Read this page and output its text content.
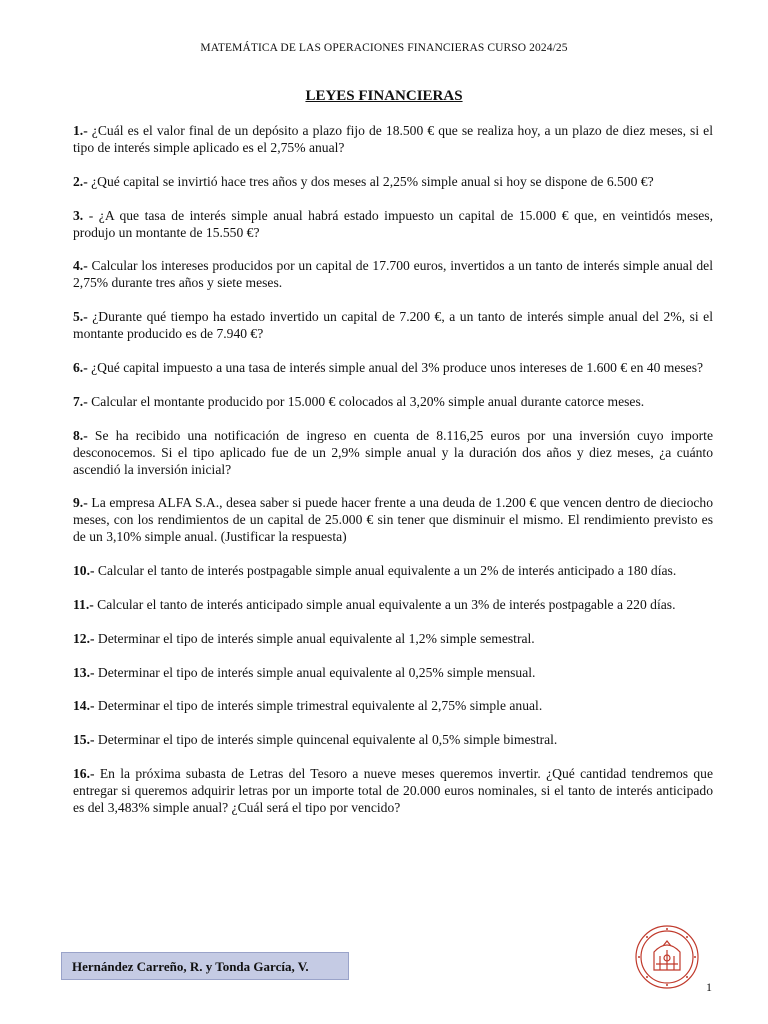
MATEMÁTICA DE LAS OPERACIONES FINANCIERAS CURSO 2024/25
LEYES FINANCIERAS

1.- ¿Cuál es el valor final de un depósito a plazo fijo de 18.500 € que se realiza hoy, a un plazo de diez meses, si el tipo de interés simple aplicado es el 2,75% anual?

2.- ¿Qué capital se invirtió hace tres años y dos meses al 2,25% simple anual si hoy se dispone de 6.500 €?

3. - ¿A que tasa de interés simple anual habrá estado impuesto un capital de 15.000 € que, en veintidós meses, produjo un montante de 15.550 €?

4.- Calcular los intereses producidos por un capital de 17.700 euros, invertidos a un tanto de interés simple anual del 2,75% durante tres años y siete meses.

5.- ¿Durante qué tiempo ha estado invertido un capital de 7.200 €, a un tanto de interés simple anual del 2%, si el montante producido es de 7.940 €?

6.- ¿Qué capital impuesto a una tasa de interés simple anual del 3% produce unos intereses de 1.600 € en 40 meses?

7.- Calcular el montante producido por 15.000 € colocados al 3,20% simple anual durante catorce meses.

8.- Se ha recibido una notificación de ingreso en cuenta de 8.116,25 euros por una inversión cuyo importe desconocemos. Si el tipo aplicado fue de un 2,9% simple anual y la duración dos años y diez meses, ¿a cuánto ascendió la inversión inicial?

9.- La empresa ALFA S.A., desea saber si puede hacer frente a una deuda de 1.200 € que vencen dentro de dieciocho meses, con los rendimientos de un capital de 25.000 € sin tener que disminuir el mismo. El rendimiento previsto es de un 3,10% simple anual. (Justificar la respuesta)

10.- Calcular el tanto de interés postpagable simple anual equivalente a un 2% de interés anticipado a 180 días.

11.- Calcular el tanto de interés anticipado simple anual equivalente a un 3% de interés postpagable a 220 días.

12.- Determinar el tipo de interés simple anual equivalente al 1,2% simple semestral.

13.- Determinar el tipo de interés simple anual equivalente al 0,25% simple mensual.

14.- Determinar el tipo de interés simple trimestral equivalente al 2,75% simple anual.

15.- Determinar el tipo de interés simple quincenal equivalente al 0,5% simple bimestral.

16.- En la próxima subasta de Letras del Tesoro a nueve meses queremos invertir. ¿Qué cantidad tendremos que entregar si queremos adquirir letras por un importe total de 20.000 euros nominales, si el tanto de interés anticipado es del 3,483% simple anual? ¿Cuál será el tipo por vencido?

Hernández Carreño, R. y Tonda García, V.
1
